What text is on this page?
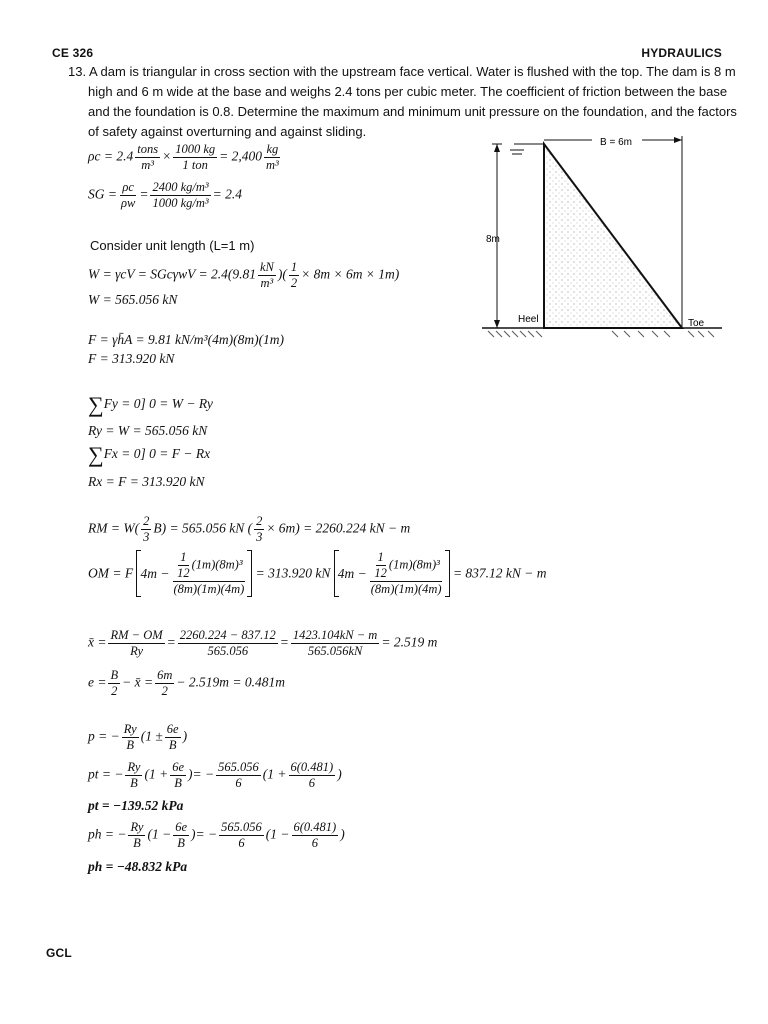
CE 326	HYDRAULICS
13. A dam is triangular in cross section with the upstream face vertical. Water is flushed with the top. The dam is 8 m high and 6 m wide at the base and weighs 2.4 tons per cubic meter. The coefficient of friction between the base and the foundation is 0.8. Determine the maximum and minimum unit pressure on the foundation, and the factors of safety against overturning and against sliding.
B = 6m
8m
Heel	Toe
$\rho c = 2.4 \frac{\text{tons}}{\text{m³}} \times \frac{1000 kg}{\text{1 ton}} = 2,400 \frac{kg}{\text{m³}}$
SG = $\frac{\rho c}{\rho w} = \frac{\text{2400 kg/m³}}{\text{1000 kg/m³}} = 2.4$
Consider unit length (L=1 m)
$W = \gamma cV = SGc\gamma wV = 2.4(9.81 \frac{kN}{\text{m³}}$ )( $\frac{1}{2} \times 8m \times 6m \times 1m$)
W = 565.056 kN
F = γh̄A = 9.81 kN/m³(4m)(8m)(1m)
F = 313.920 kN
∑Fy = 0] 0 = W − Ry
Ry = W = 565.056 kN
∑Fx = 0] 0 = F − Rx
Rx = F = 313.920 kN
RM = $W( \frac{2}{3} B) = 565.056$ kN ( $\frac{2}{3} \times 6m) = 2260.224$ kN − m
OM = F $4m - \frac{\frac{1}{12} (1m)(8m)^3}{(8m)(1m)(4m)} = 313.920$ kN $4m - \frac{\frac{1}{12} (1m)(8m)^3}{(8m)(1m)(4m)} = 837.12$ kN − m
x̄ = $\frac{RM - OM}{Ry} = \frac{2260.224 - 837.12}{565.056} = \frac{1423.104kN - m}{565.056kN} = 2.519$ m
$e = \frac{B}{2}$ − x̄ = $\frac{6m}{2} - 2.519m = 0.481m$
p = − $\frac{Ry}{B} (1 \pm \frac{6e}{B}$ )
pt = − $\frac{Ry}{B} (1 + \frac{6e}{B}$ )= − $\frac{565.056}{6} (1 + \frac{6(0.481)}{6}$ )
pt = −139.52 kPa
ph = − $\frac{Ry}{B} (1 - \frac{6e}{B}$ )= − $\frac{565.056}{6} (1 - \frac{6(0.481)}{6}$ )
ph = −48.832 kPa
GCL
